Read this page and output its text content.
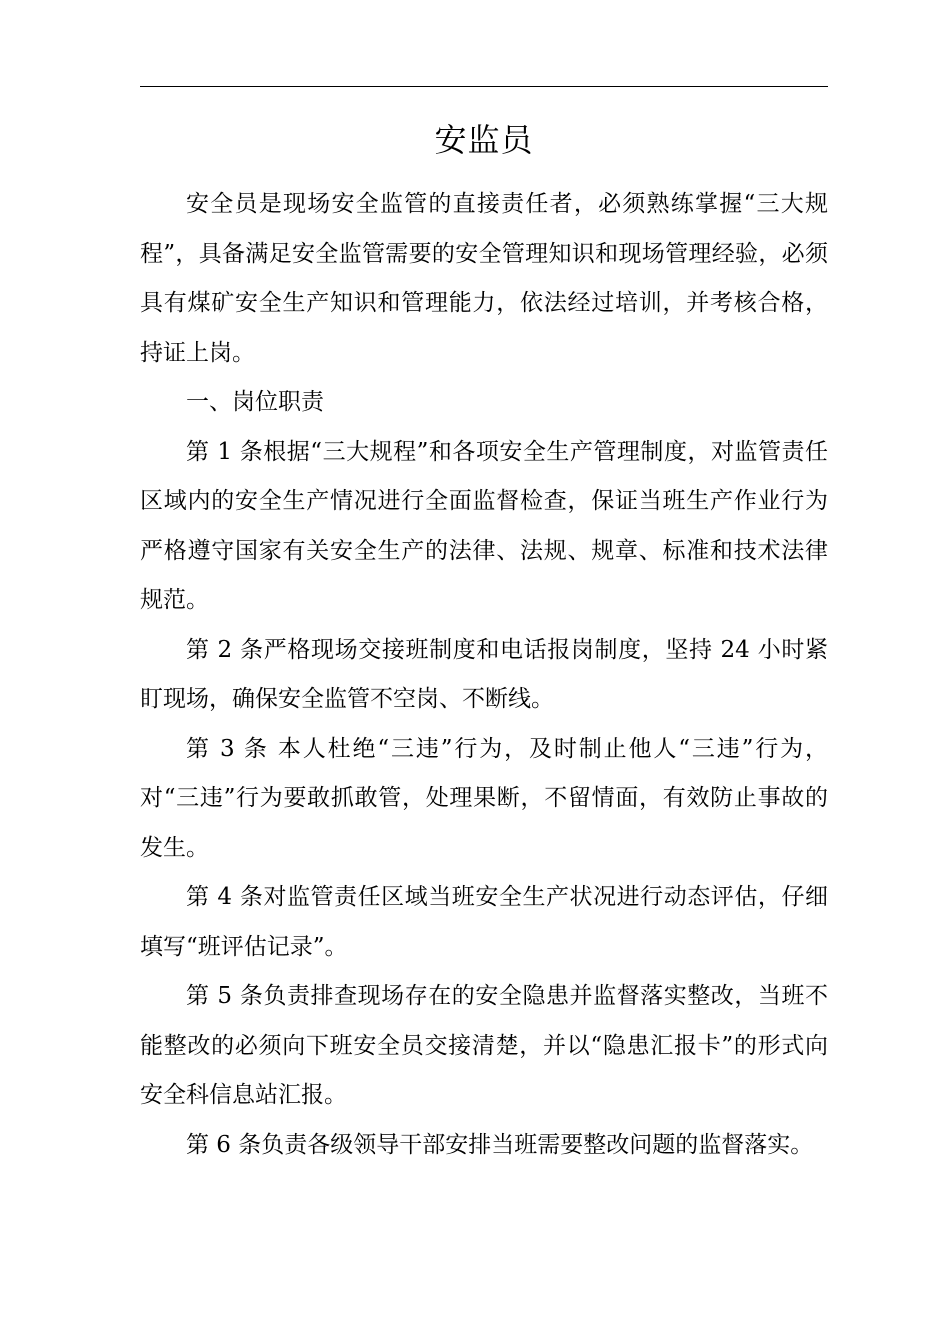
安监员

安全员是现场安全监管的直接责任者，必须熟练掌握“三大规程”，具备满足安全监管需要的安全管理知识和现场管理经验，必须具有煤矿安全生产知识和管理能力，依法经过培训，并考核合格，持证上岗。

一、岗位职责

第 1 条根据“三大规程”和各项安全生产管理制度，对监管责任区域内的安全生产情况进行全面监督检查，保证当班生产作业行为严格遵守国家有关安全生产的法律、法规、规章、标准和技术法律规范。

第 2 条严格现场交接班制度和电话报岗制度，坚持 24 小时紧盯现场，确保安全监管不空岗、不断线。

第 3 条 本人杜绝“三违”行为，及时制止他人“三违”行为，对“三违”行为要敢抓敢管，处理果断，不留情面，有效防止事故的发生。

第 4 条对监管责任区域当班安全生产状况进行动态评估，仔细填写“班评估记录”。

第 5 条负责排查现场存在的安全隐患并监督落实整改，当班不能整改的必须向下班安全员交接清楚，并以“隐患汇报卡”的形式向安全科信息站汇报。

第 6 条负责各级领导干部安排当班需要整改问题的监督落实。
